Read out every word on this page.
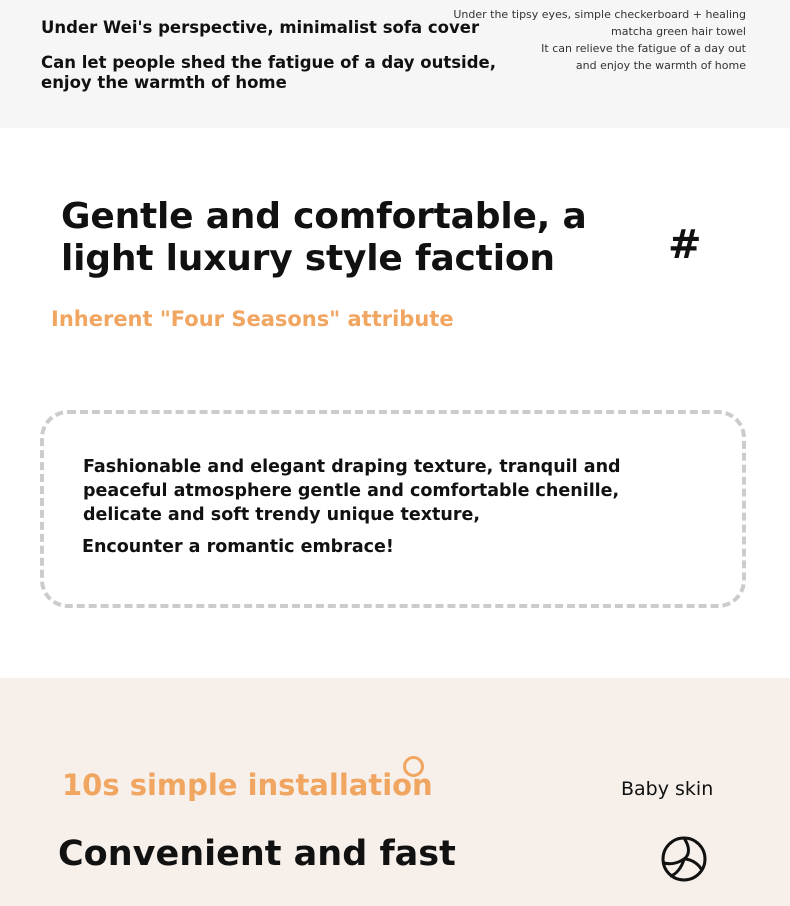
Under Wei's perspective, minimalist sofa cover
Can let people shed the fatigue of a day outside, enjoy the warmth of home
Under the tipsy eyes, simple checkerboard + healing
matcha green hair towel
It can relieve the fatigue of a day out
and enjoy the warmth of home
Gentle and comfortable, a light luxury style faction	#
Inherent "Four Seasons" attribute
Fashionable and elegant draping texture, tranquil and peaceful atmosphere gentle and comfortable chenille, delicate and soft trendy unique texture,
Encounter a romantic embrace!
10s simple installation	Baby skin
Convenient and fast
